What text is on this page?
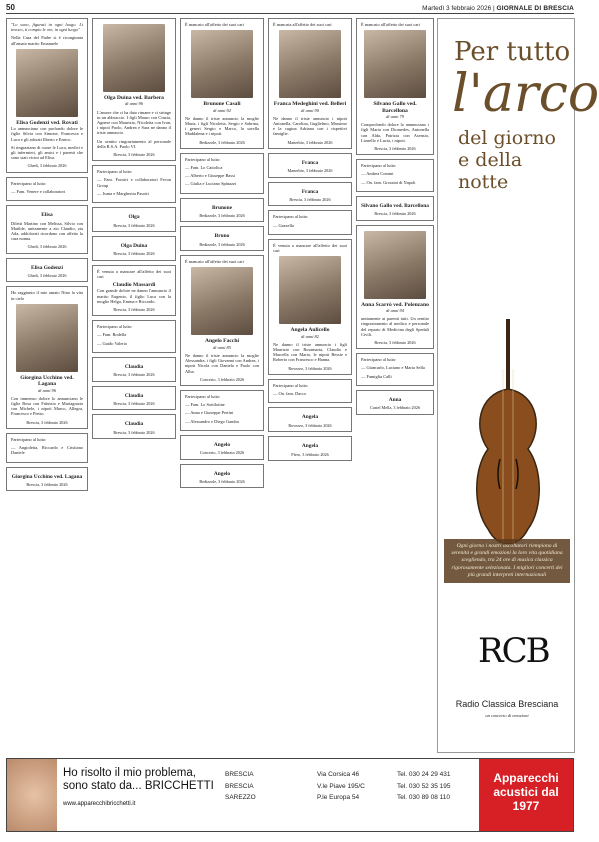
50	Martedì 3 febbraio 2026 | GIORNALE DI BRESCIA

"Lo sono, figurati in ogni luogo. Li invoco, ti compio le ore, in ogni luogo"

Nella Casa del Padre si è ricongiunta all'amato marito Emanuele

Elisa Godenzi ved. Rovati

Lo annunciano con profondo dolore le figlie Silvia con Simone, Francesca e Luca e gli adorati Ilberto e Enrico.

Si ringraziano di cuore le Luca, medici e gli infermieri, gli amici e i parenti che sono stati vicini ad Elisa.

Ghedi, 3 febbraio 2026

Partecipano al lutto:

— Fam. Venere e collaboratori

Elisa

Diletti Martino con Melissa, Silvio con Matilde, unitamente a zio Claudio, zia Ada, addolorati ricordano con affetto la cara nonna.

Ghedi, 3 febbraio 2026
Elisa Godenzi
Ghedi, 3 febbraio 2026

Ho raggiunto il mio amato Nino la vita in cielo

Giorgina Ucchino ved. Lagana
di anni 96

Con immenso dolore lo annunciano le figlie Rosa con Fabrizio e Mariagrazia con Michele, i nipoti Marco, Allegra, Francesco e Pietro.

Brescia, 3 febbraio 2026

Partecipano al lutto:

— Angioletta, Riccardo e Cristiano Daniele

Giorgina Ucchino ved. Lagana
Brescia, 3 febbraio 2026
Olga Duina ved. Barbera
di anni 96

L'amore che ci ha dato rimane e ci stringe in un abbraccio. I figli Mauro con Cinzia, Agnese con Maurizio, Nicoletta con Ivan, i nipoti Paolo, Andrea e Sara ne danno il triste annuncio.

Un sentito ringraziamento al personale della R.S.A. Paolo VI.

Brescia, 3 febbraio 2026

Partecipano al lutto:

— Fam. Fornici e collaboratori Fecon Group

— Ivana e Margherita Pasotti

Olga
Brescia, 3 febbraio 2026
Olga Duina
Brescia, 3 febbraio 2026

È venuta a mancare all'affetto dei suoi cari

Claudio Massardi

Con grande dolore ne danno l'annuncio il marito Eugenio, il figlio Luca con la moglie Helga, Emma e Riccardo.

Brescia, 3 febbraio 2026

Partecipano al lutto:

— Fam. Rodella

— Guido Valerio

Claudia
Brescia, 3 febbraio 2026
Claudia
Brescia, 3 febbraio 2026
Claudia
Brescia, 3 febbraio 2026

È mancato all'affetto dei suoi cari

Brunone Casali
di anni 92

Ne danno il triste annuncio la moglie Maria, i figli Nicoletta, Sergio e Sabrina, i generi Sergio e Marco, la sorella Maddalena e i nipoti.

Bedizzole, 3 febbraio 2026

Partecipano al lutto:

— Fam. Lo Cattolica

— Alberto e Giuseppe Bassi

— Giulia e Luciano Spinazzi

Brunone
Bedizzole, 3 febbraio 2026
Bruno
Bedizzole, 3 febbraio 2026

È mancato all'affetto dei suoi cari

Angelo Facchi
di anni 85

Ne danno il triste annuncio la moglie Alessandra, i figli Giovanni con Andrea, i nipoti Nicola con Daniela e Paolo con Alba.

Concesio, 3 febbraio 2026

Partecipano al lutto:

— Fam. Lo Sottilotine

— Anna e Giuseppe Pertini

— Alessandro e Diego Gamba

Angelo
Concesio, 3 febbraio 2026
Angelo
Bedizzole, 3 febbraio 2026

È mancata all'affetto dei suoi cari

Franca Medeghini ved. Belleri
di anni 90

Ne danno il triste annuncio i nipoti Antonella, Carolina, Guglielmo, Massimo e la cugina Adriana con i rispettivi famiglie.

Manerbio, 3 febbraio 2026
Franca
Manerbio, 3 febbraio 2026
Franca
Brescia, 3 febbraio 2026

Partecipano al lutto:

— Gazzella

È venuta a mancare all'affetto dei suoi cari

Angela Aulicello
di anni 82

Ne danno il triste annuncio i figli Maurizio con Rosamaria, Claudio e Marcella con Mario, le nipoti Bessie e Roberto con Francesco e Hanna.

Rovezzo, 3 febbraio 2026

Partecipano al lutto:

— On. fam. Dacco

Angela
Rovezzo, 3 febbraio 2026
Angela
Flero, 3 febbraio 2026

È mancato all'affetto dei suoi cari

Silvano Gallo ved. Barcellona
di anni 79

Comprofondo dolore lo annunciano i figli Maria con Diomedes, Antonella con Alda, Patrizia con Asensio, Lionello e Lucia, i nipoti.

Brescia, 3 febbraio 2026

Partecipano al lutto:

— Andrea Comini

— On. fam. Grossini di Napoli

Silvano Gallo ved. Barcellona
Brescia, 3 febbraio 2026
Anna Scarrò ved. Polenzano
di anni 94

unitamente ai parenti tutti. Un sentito ringraziamento al medico e personale del reparto di Medicina degli Spedali Civili.

Brescia, 3 febbraio 2026

Partecipano al lutto:

— Giancarlo, Luciano e Maria Sella

— Famiglia Calli

Anna
Castel Mella, 3 febbraio 2026
Per tutto
l'arco
del giorno
e della notte
Ogni giorno i nostri ascoltatori riempiono di serenità e grandi emozioni la loro vita quotidiana scegliendo, tra 24 ore di musica classica rigorosamente selezionata. I migliori concerti dei più grandi interpreti internazionali
RCB
Radio Classica Bresciana
un concerto di emozioni
Ho risolto il mio problema, sono stato da... BRICCHETTI
www.apparecchibricchetti.it
BRESCIA
BRESCIA
SAREZZO
Via Corsica 46
V.le Piave 195/C
P.le Europa 54
Tel. 030 24 29 431
Tel. 030 52 35 195
Tel. 030 89 08 110
Apparecchi
acustici dal 1977
